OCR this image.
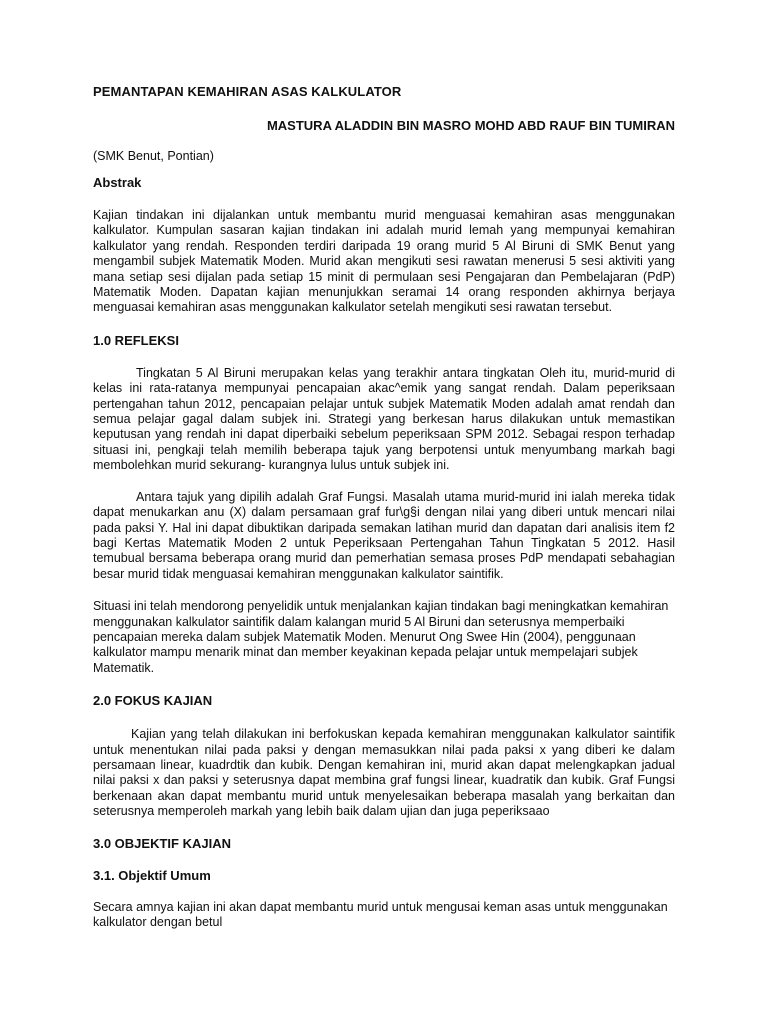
PEMANTAPAN KEMAHIRAN ASAS KALKULATOR

MASTURA ALADDIN BIN MASRO MOHD ABD RAUF BIN TUMIRAN

(SMK Benut, Pontian)

Abstrak

Kajian tindakan ini dijalankan untuk membantu murid menguasai kemahiran asas menggunakan kalkulator. Kumpulan sasaran kajian tindakan ini adalah murid lemah yang mempunyai kemahiran kalkulator yang rendah. Responden terdiri daripada 19 orang murid 5 Al Biruni di SMK Benut yang mengambil subjek Matematik Moden. Murid akan mengikuti sesi rawatan menerusi 5 sesi aktiviti yang mana setiap sesi dijalan pada setiap 15 minit di permulaan sesi Pengajaran dan Pembelajaran (PdP) Matematik Moden. Dapatan kajian menunjukkan seramai 14 orang responden akhirnya berjaya menguasai kemahiran asas menggunakan kalkulator setelah mengikuti sesi rawatan tersebut.

1.0 REFLEKSI

Tingkatan 5 Al Biruni merupakan kelas yang terakhir antara tingkatan Oleh itu, murid-murid di kelas ini rata-ratanya mempunyai pencapaian akac^emik yang sangat rendah. Dalam peperiksaan pertengahan tahun 2012, pencapaian pelajar untuk subjek Matematik Moden adalah amat rendah dan semua pelajar gagal dalam subjek ini. Strategi yang berkesan harus dilakukan untuk memastikan keputusan yang rendah ini dapat diperbaiki sebelum peperiksaan SPM 2012. Sebagai respon terhadap situasi ini, pengkaji telah memilih beberapa tajuk yang berpotensi untuk menyumbang markah bagi membolehkan murid sekurang- kurangnya lulus untuk subjek ini.

Antara tajuk yang dipilih adalah Graf Fungsi. Masalah utama murid-murid ini ialah mereka tidak dapat menukarkan anu (X) dalam persamaan graf fur\g§i dengan nilai yang diberi untuk mencari nilai pada paksi Y. Hal ini dapat dibuktikan daripada semakan latihan murid dan dapatan dari analisis item f2 bagi Kertas Matematik Moden 2 untuk Peperiksaan Pertengahan Tahun Tingkatan 5 2012. Hasil temubual bersama beberapa orang murid dan pemerhatian semasa proses PdP mendapati sebahagian besar murid tidak menguasai kemahiran menggunakan kalkulator saintifik.

Situasi ini telah mendorong penyelidik untuk menjalankan kajian tindakan bagi meningkatkan kemahiran menggunakan kalkulator saintifik dalam kalangan murid 5 Al Biruni dan seterusnya memperbaiki pencapaian mereka dalam subjek Matematik Moden. Menurut Ong Swee Hin (2004), penggunaan kalkulator mampu menarik minat dan member keyakinan kepada pelajar untuk mempelajari subjek Matematik.

2.0 FOKUS KAJIAN

Kajian yang telah dilakukan ini berfokuskan kepada kemahiran menggunakan kalkulator saintifik untuk menentukan nilai pada paksi y dengan memasukkan nilai pada paksi x yang diberi ke dalam persamaan linear, kuadrdtik dan kubik. Dengan kemahiran ini, murid akan dapat melengkapkan jadual nilai paksi x dan paksi y seterusnya dapat membina graf fungsi linear, kuadratik dan kubik. Graf Fungsi berkenaan akan dapat membantu murid untuk menyelesaikan beberapa masalah yang berkaitan dan seterusnya memperoleh markah yang lebih baik dalam ujian dan juga peperiksaao

3.0 OBJEKTIF KAJIAN

3.1. Objektif Umum

Secara amnya kajian ini akan dapat membantu murid untuk mengusai keman asas untuk menggunakan kalkulator dengan betul
